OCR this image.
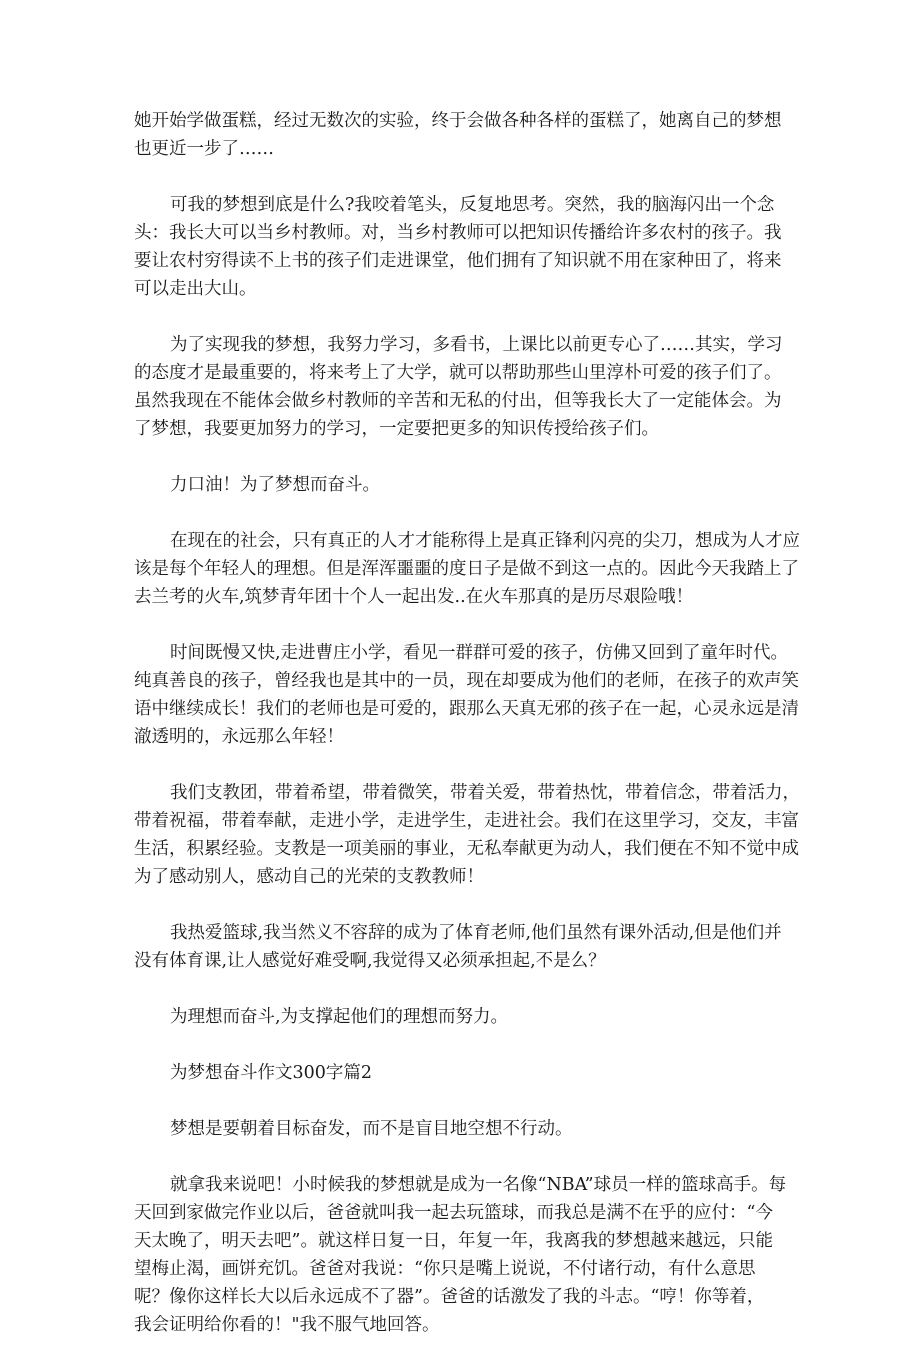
她开始学做蛋糕，经过无数次的实验，终于会做各种各样的蛋糕了，她离自己的梦想
也更近一步了……

可我的梦想到底是什么?我咬着笔头，反复地思考。突然，我的脑海闪出一个念
头：我长大可以当乡村教师。对，当乡村教师可以把知识传播给许多农村的孩子。我
要让农村穷得读不上书的孩子们走进课堂，他们拥有了知识就不用在家种田了，将来
可以走出大山。

为了实现我的梦想，我努力学习，多看书，上课比以前更专心了……其实，学习
的态度才是最重要的，将来考上了大学，就可以帮助那些山里淳朴可爱的孩子们了。
虽然我现在不能体会做乡村教师的辛苦和无私的付出，但等我长大了一定能体会。为
了梦想，我要更加努力的学习，一定要把更多的知识传授给孩子们。

力口油！为了梦想而奋斗。

在现在的社会，只有真正的人才才能称得上是真正锋利闪亮的尖刀，想成为人才应
该是每个年轻人的理想。但是浑浑噩噩的度日子是做不到这一点的。因此今天我踏上了
去兰考的火车,筑梦青年团十个人一起出发..在火车那真的是历尽艰险哦！

时间既慢又快,走进曹庄小学，看见一群群可爱的孩子，仿佛又回到了童年时代。
纯真善良的孩子，曾经我也是其中的一员，现在却要成为他们的老师，在孩子的欢声笑
语中继续成长！我们的老师也是可爱的，跟那么天真无邪的孩子在一起，心灵永远是清
澈透明的，永远那么年轻！

我们支教团，带着希望，带着微笑，带着关爱，带着热忱，带着信念，带着活力，
带着祝福，带着奉献，走进小学，走进学生，走进社会。我们在这里学习，交友，丰富
生活，积累经验。支教是一项美丽的事业，无私奉献更为动人，我们便在不知不觉中成
为了感动别人，感动自己的光荣的支教教师！

我热爱篮球,我当然义不容辞的成为了体育老师,他们虽然有课外活动,但是他们并
没有体育课,让人感觉好难受啊,我觉得又必须承担起,不是么？

为理想而奋斗,为支撑起他们的理想而努力。

为梦想奋斗作文300字篇2

梦想是要朝着目标奋发，而不是盲目地空想不行动。

就拿我来说吧！小时候我的梦想就是成为一名像“NBA”球员一样的篮球高手。每
天回到家做完作业以后，爸爸就叫我一起去玩篮球，而我总是满不在乎的应付：“今
天太晚了，明天去吧”。就这样日复一日，年复一年，我离我的梦想越来越远，只能
望梅止渴，画饼充饥。爸爸对我说：“你只是嘴上说说，不付诸行动，有什么意思
呢？像你这样长大以后永远成不了器”。爸爸的话激发了我的斗志。“哼！你等着，
我会证明给你看的！"我不服气地回答。
